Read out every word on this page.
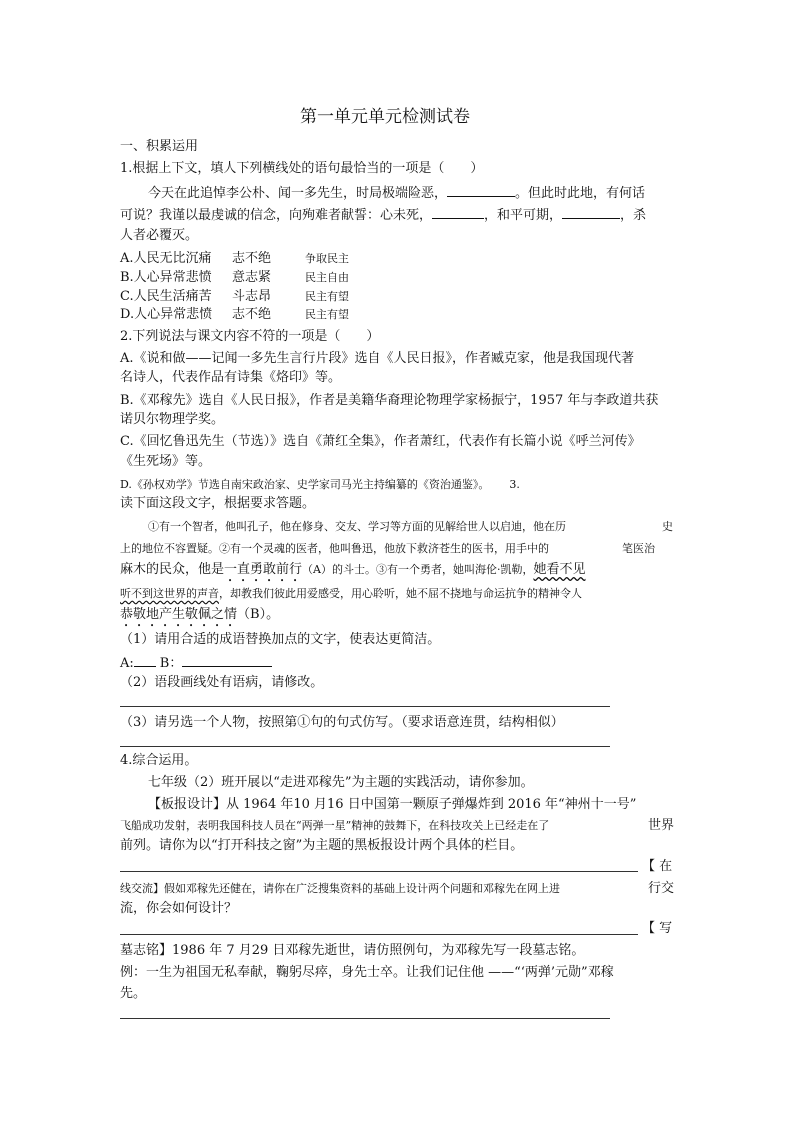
第一单元单元检测试卷
一、积累运用
1.根据上下文，填人下列横线处的语句最恰当的一项是（　　）
今天在此追悼李公朴、闻一多先生，时局极端险恶，	。但此时此地，有何话
可说？我谨以最虔诚的信念，向殉难者献誓：心未死，	，和平可期，	，杀
人者必覆灭。
A.人民无比沉痛 志不绝	争取民主
B.人心异常悲愤 意志紧	民主自由
C.人民生活痛苦 斗志昂	民主有望
D.人心异常悲愤 志不绝	民主有望
2.下列说法与课文内容不符的一项是（　　）
A.《说和做——记闻一多先生言行片段》选自《人民日报》，作者臧克家，他是我国现代著
名诗人，代表作品有诗集《烙印》等。
B.《邓稼先》选自《人民日报》，作者是美籍华裔理论物理学家杨振宁，1957 年与李政道共获
诺贝尔物理学奖。
C.《回忆鲁迅先生（节选）》选自《萧红全集》，作者萧红，代表作有长篇小说《呼兰河传》
《生死场》等。
D.《孙权劝学》节选自南宋政治家、史学家司马光主持编纂的《资治通鉴》。 3.
读下面这段文字，根据要求答题。
①有一个智者，他叫孔子，他在修身、交友、学习等方面的见解给世人以启迪，他在历	史
上的地位不容置疑。②有一个灵魂的医者，他叫鲁迅，他放下救济苍生的医书，用手中的	笔医治
麻木的民众，他是一直勇敢前行（A）的斗士。③有一个勇者，她叫海伦·凯勒，她看不见
听不到这世界的声音，却教我们彼此用爱感受，用心聆听，她不屈不挠地与命运抗争的精神令人
恭敬地产生敬佩之情（B）。
（1）请用合适的成语替换加点的文字，使表达更简洁。
A: B：
（2）语段画线处有语病，请修改。
（3）请另选一个人物，按照第①句的句式仿写。（要求语意连贯，结构相似）
4.综合运用。
七年级（2）班开展以“走进邓稼先”为主题的实践活动，请你参加。
【板报设计】从 1964 年10 月16 日中国第一颗原子弹爆炸到 2016 年“神州十一号”
飞船成功发射，表明我国科技人员在“两弹一星”精神的鼓舞下，在科技攻关上已经走在了	世界
前列。请你为以“打开科技之窗”为主题的黑板报设计两个具体的栏目。
【 在
线交流】假如邓稼先还健在，请你在广泛搜集资料的基础上设计两个问题和邓稼先在网上进	行交
流，你会如何设计？
【 写
墓志铭】1986 年 7 月29 日邓稼先逝世，请仿照例句，为邓稼先写一段墓志铭。
例：一生为祖国无私奉献，鞠躬尽瘁，身先士卒。让我们记住他 ——“‘两弹’元勋”邓稼
先。
